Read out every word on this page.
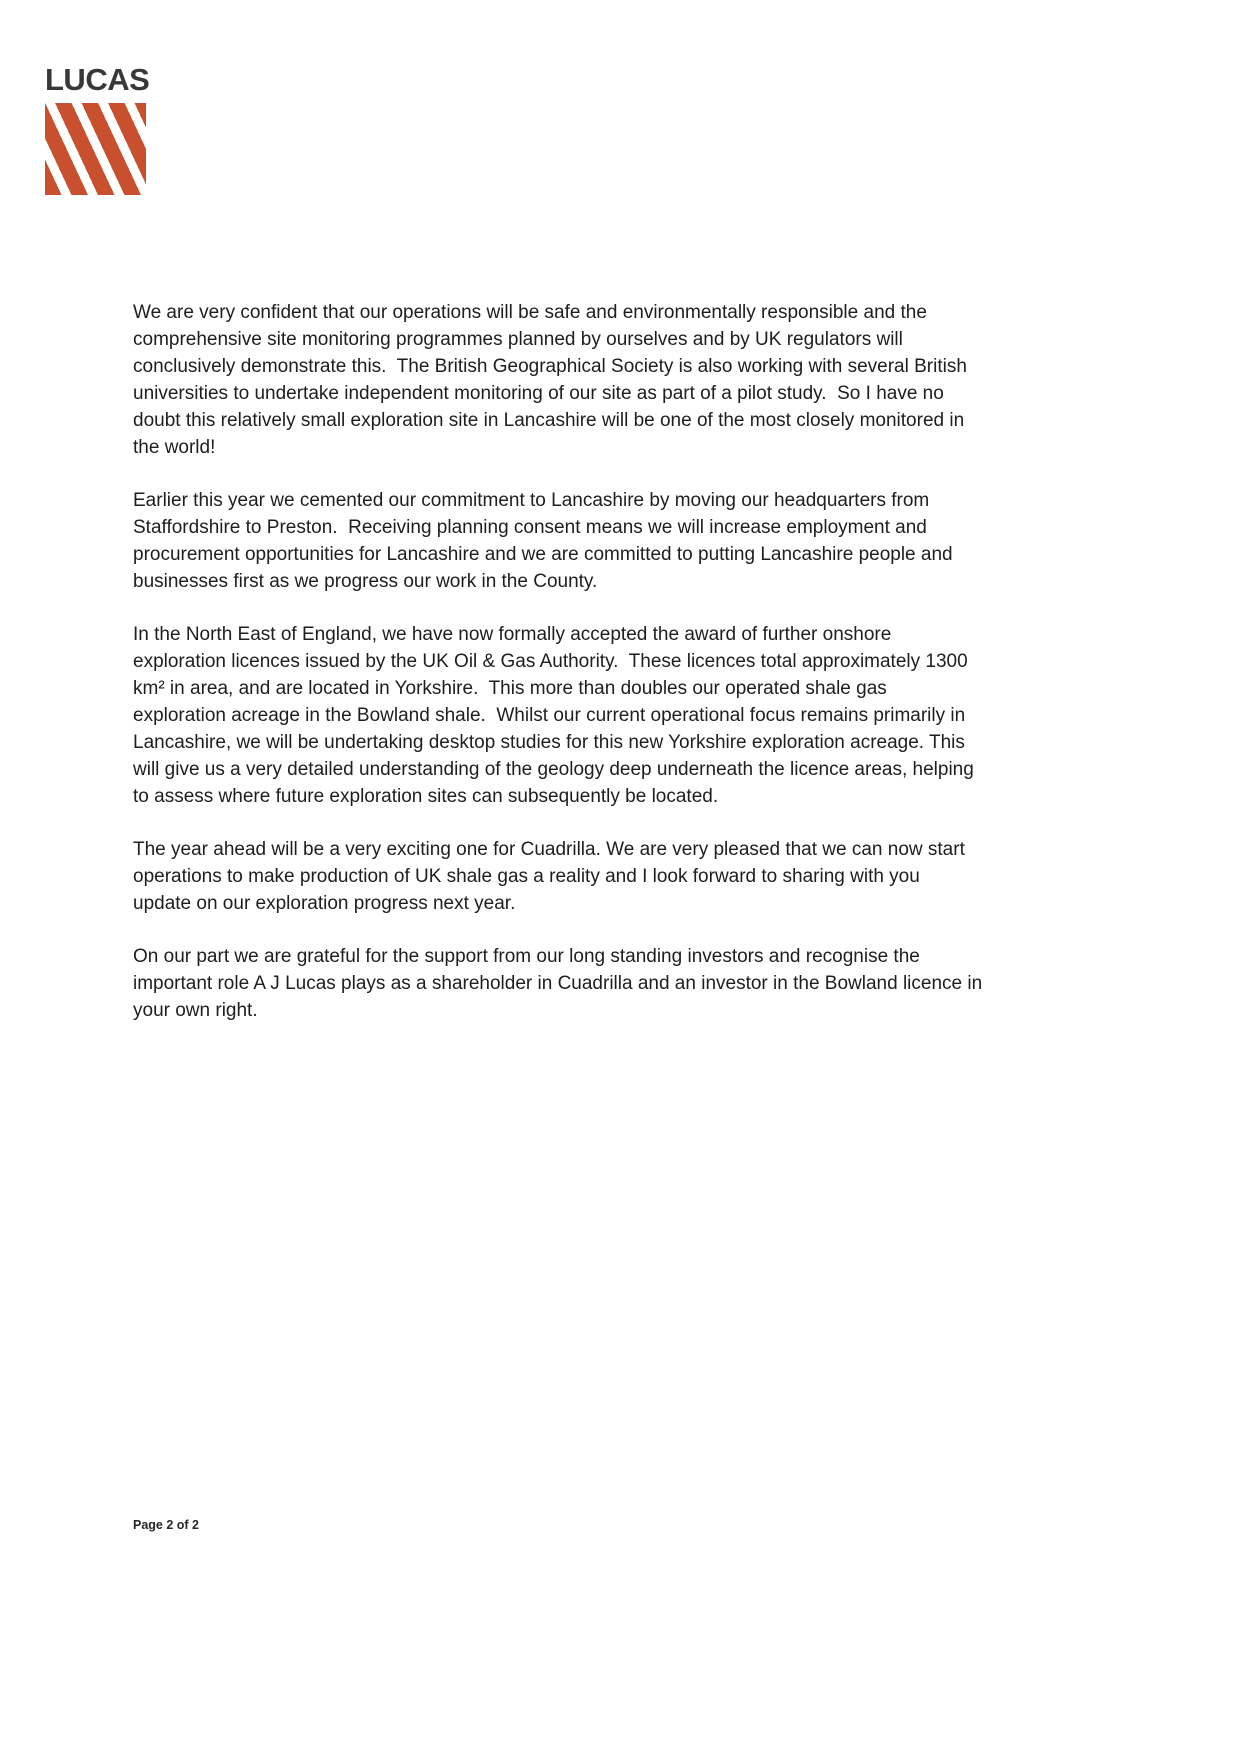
LUCAS
We are very confident that our operations will be safe and environmentally responsible and the
comprehensive site monitoring programmes planned by ourselves and by UK regulators will
conclusively demonstrate this.  The British Geographical Society is also working with several British
universities to undertake independent monitoring of our site as part of a pilot study.  So I have no
doubt this relatively small exploration site in Lancashire will be one of the most closely monitored in
the world!
Earlier this year we cemented our commitment to Lancashire by moving our headquarters from
Staffordshire to Preston.  Receiving planning consent means we will increase employment and
procurement opportunities for Lancashire and we are committed to putting Lancashire people and
businesses first as we progress our work in the County.
In the North East of England, we have now formally accepted the award of further onshore
exploration licences issued by the UK Oil & Gas Authority.  These licences total approximately 1300
km² in area, and are located in Yorkshire.  This more than doubles our operated shale gas
exploration acreage in the Bowland shale.  Whilst our current operational focus remains primarily in
Lancashire, we will be undertaking desktop studies for this new Yorkshire exploration acreage. This
will give us a very detailed understanding of the geology deep underneath the licence areas, helping
to assess where future exploration sites can subsequently be located.
The year ahead will be a very exciting one for Cuadrilla. We are very pleased that we can now start
operations to make production of UK shale gas a reality and I look forward to sharing with you
update on our exploration progress next year.
On our part we are grateful for the support from our long standing investors and recognise the
important role A J Lucas plays as a shareholder in Cuadrilla and an investor in the Bowland licence in
your own right.
Page 2 of 2
